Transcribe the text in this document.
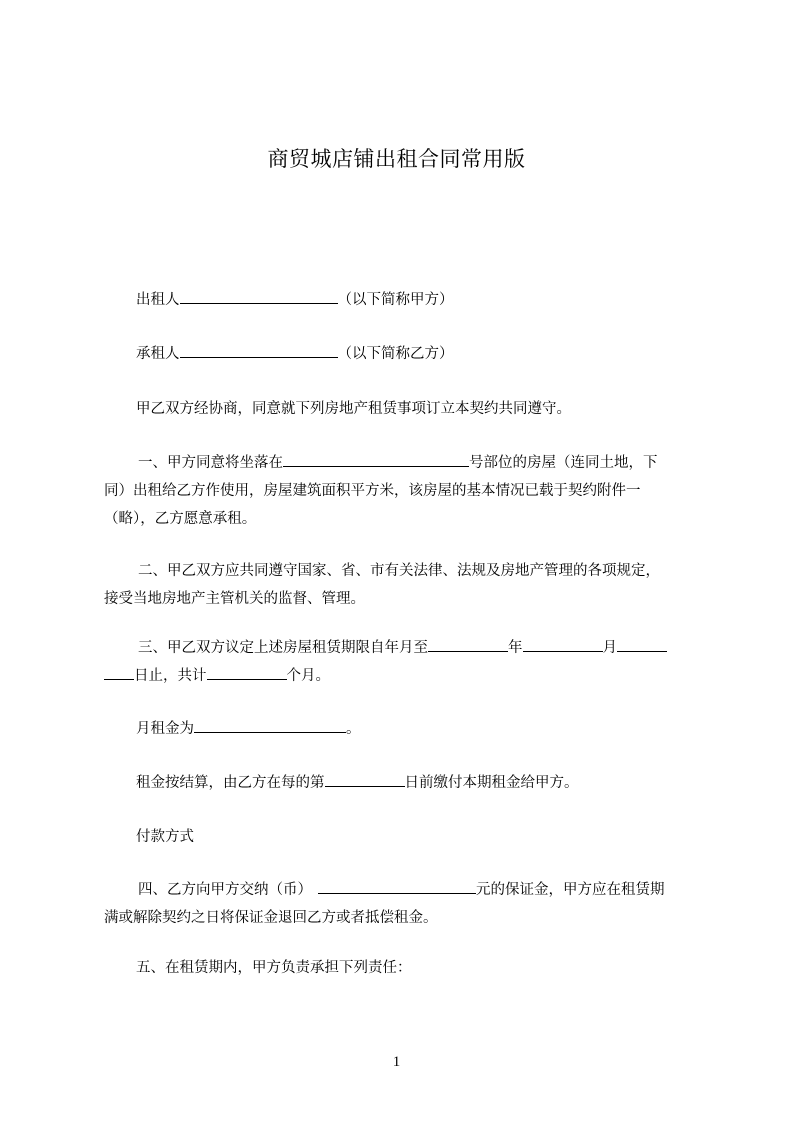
商贸城店铺出租合同常用版
出租人	（以下简称甲方）
承租人	（以下简称乙方）
甲乙双方经协商，同意就下列房地产租赁事项订立本契约共同遵守。
一、甲方同意将坐落在	号部位的房屋（连同土地，下
同）出租给乙方作使用，房屋建筑面积平方米，该房屋的基本情况已载于契约附件一
（略），乙方愿意承租。
二、甲乙双方应共同遵守国家、省、市有关法律、法规及房地产管理的各项规定，
接受当地房地产主管机关的监督、管理。
三、甲乙双方议定上述房屋租赁期限自年月至	年	月
日止，共计	个月。
月租金为	。
租金按结算，由乙方在每的第	日前缴付本期租金给甲方。
付款方式
四、乙方向甲方交纳（币）	元的保证金，甲方应在租赁期
满或解除契约之日将保证金退回乙方或者抵偿租金。
五、在租赁期内，甲方负责承担下列责任：
1
